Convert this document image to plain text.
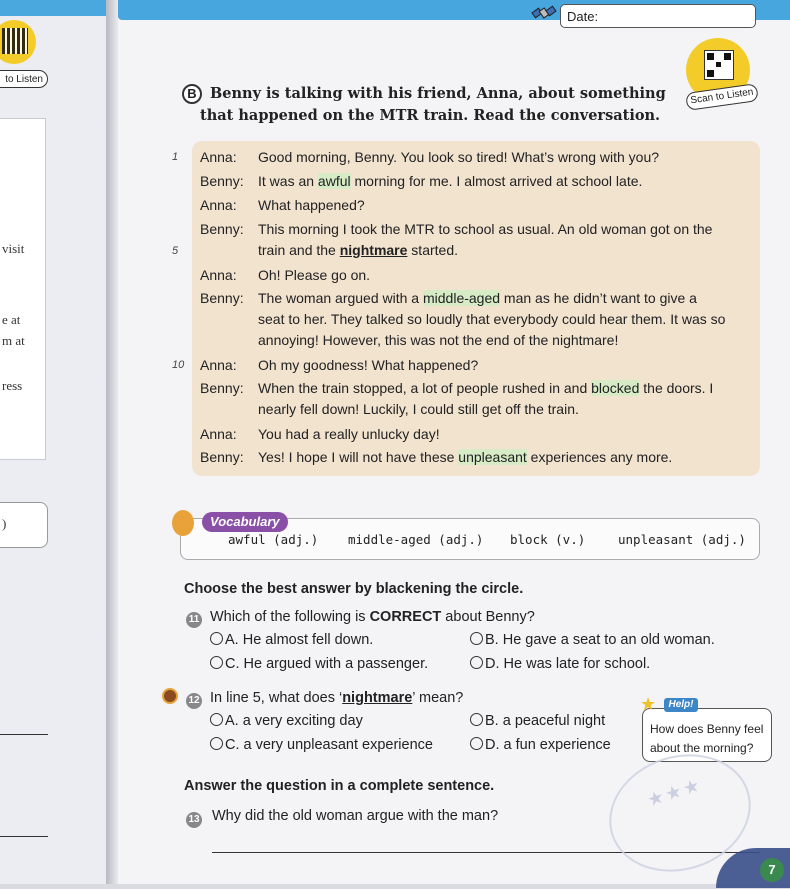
to Listen
visit
e at
m at
ress
)
Date:
Scan to Listen
B Benny is talking with his friend, Anna, about something
that happened on the MTR train. Read the conversation.
Anna: Good morning, Benny. You look so tired! What’s wrong with you?
Benny: It was an awful morning for me. I almost arrived at school late.
Anna: What happened?
Benny: This morning I took the MTR to school as usual. An old woman got on the
train and the nightmare started.
Anna: Oh! Please go on.
Benny: The woman argued with a middle-aged man as he didn’t want to give a
seat to her. They talked so loudly that everybody could hear them. It was so
annoying! However, this was not the end of the nightmare!
Anna: Oh my goodness! What happened?
Benny: When the train stopped, a lot of people rushed in and blocked the doors. I
nearly fell down! Luckily, I could still get off the train.
Anna: You had a really unlucky day!
Benny: Yes! I hope I will not have these unpleasant experiences any more.
1
5
10
Vocabulary
awful (adj.) middle-aged (adj.) block (v.)	unpleasant (adj.)
Choose the best answer by blackening the circle.
11 Which of the following is CORRECT about Benny?
A. He almost fell down.	B. He gave a seat to an old woman.
C. He argued with a passenger.	D. He was late for school.
12 In line 5, what does ‘nightmare’ mean?
A. a very exciting day	B. a peaceful night
C. a very unpleasant experience	D. a fun experience
★	Help!
How does Benny feel
about the morning?
Answer the question in a complete sentence.
13 Why did the old woman argue with the man?
★ ★ ★
7
